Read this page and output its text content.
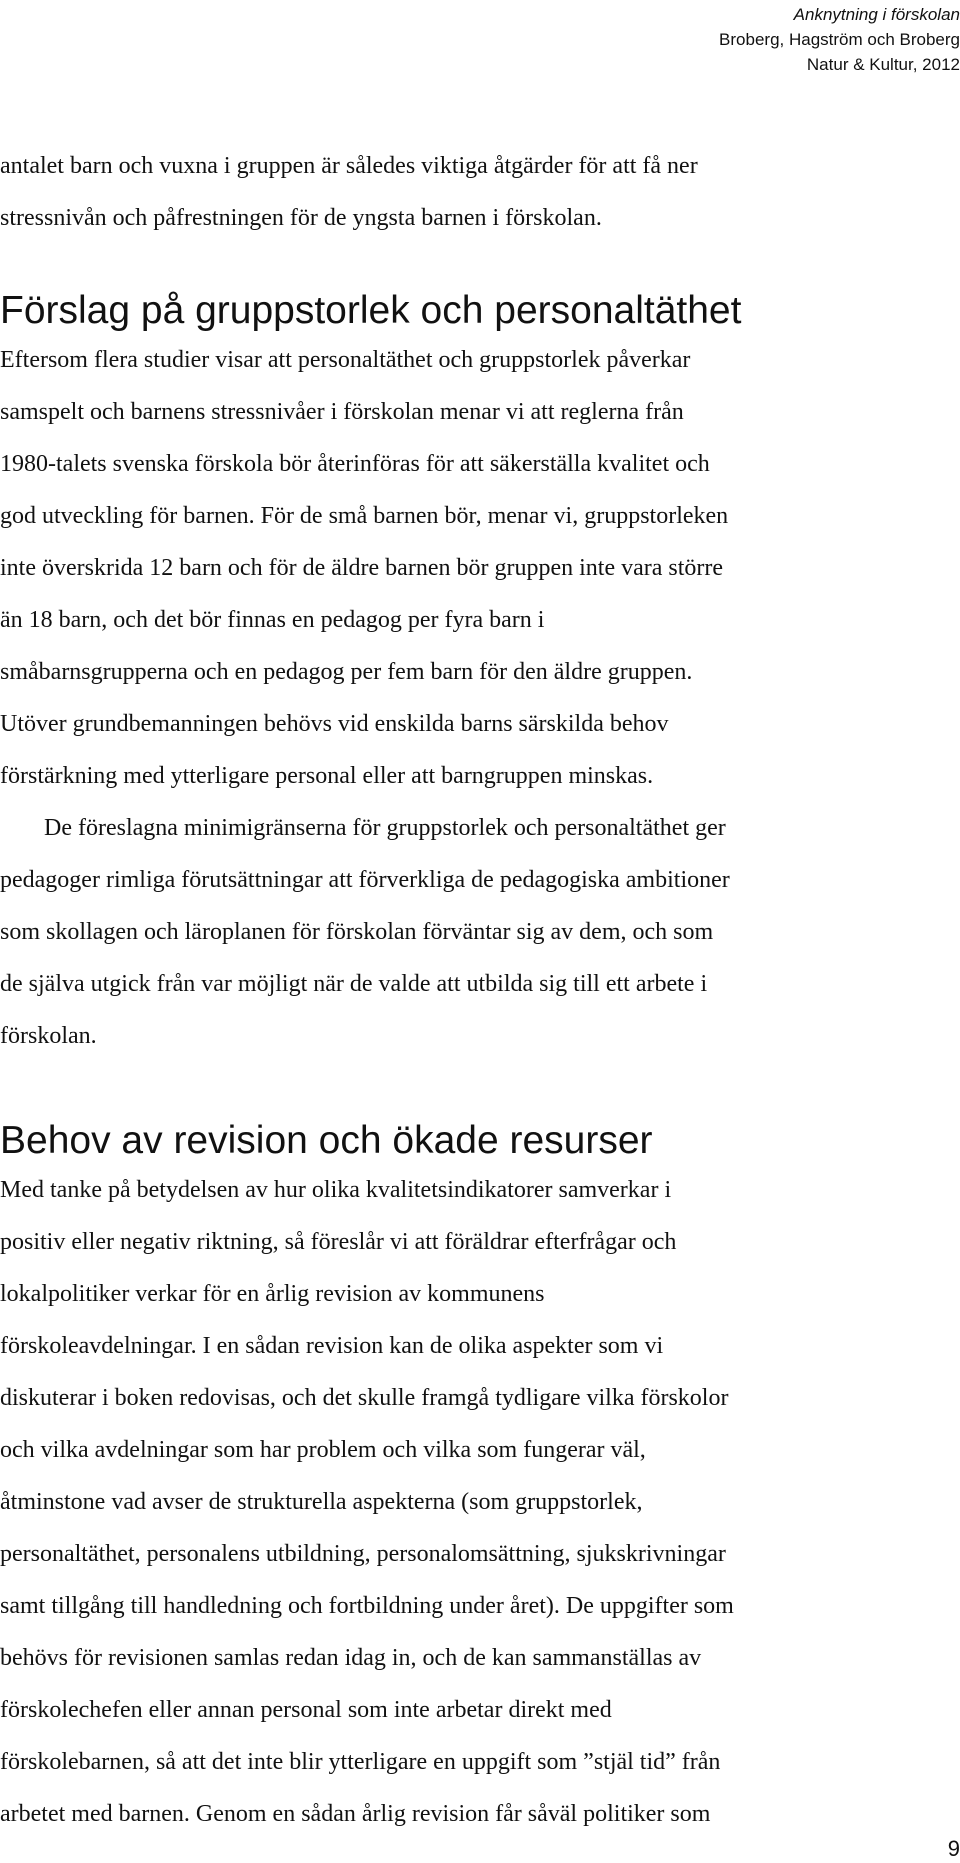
Anknytning i förskolan
Broberg, Hagström och Broberg
Natur & Kultur, 2012

antalet barn och vuxna i gruppen är således viktiga åtgärder för att få ner
stressnivån och påfrestningen för de yngsta barnen i förskolan.

Förslag på gruppstorlek och personaltäthet

Eftersom flera studier visar att personaltäthet och gruppstorlek påverkar
samspelt och barnens stressnivåer i förskolan menar vi att reglerna från
1980-talets svenska förskola bör återinföras för att säkerställa kvalitet och
god utveckling för barnen. För de små barnen bör, menar vi, gruppstorleken
inte överskrida 12 barn och för de äldre barnen bör gruppen inte vara större
än 18 barn, och det bör finnas en pedagog per fyra barn i
småbarnsgrupperna och en pedagog per fem barn för den äldre gruppen.
Utöver grundbemanningen behövs vid enskilda barns särskilda behov
förstärkning med ytterligare personal eller att barngruppen minskas.

De föreslagna minimigränserna för gruppstorlek och personaltäthet ger
pedagoger rimliga förutsättningar att förverkliga de pedagogiska ambitioner
som skollagen och läroplanen för förskolan förväntar sig av dem, och som
de själva utgick från var möjligt när de valde att utbilda sig till ett arbete i
förskolan.

Behov av revision och ökade resurser

Med tanke på betydelsen av hur olika kvalitetsindikatorer samverkar i
positiv eller negativ riktning, så föreslår vi att föräldrar efterfrågar och
lokalpolitiker verkar för en årlig revision av kommunens
förskoleavdelningar. I en sådan revision kan de olika aspekter som vi
diskuterar i boken redovisas, och det skulle framgå tydligare vilka förskolor
och vilka avdelningar som har problem och vilka som fungerar väl,
åtminstone vad avser de strukturella aspekterna (som gruppstorlek,
personaltäthet, personalens utbildning, personalomsättning, sjukskrivningar
samt tillgång till handledning och fortbildning under året). De uppgifter som
behövs för revisionen samlas redan idag in, och de kan sammanställas av
förskolechefen eller annan personal som inte arbetar direkt med
förskolebarnen, så att det inte blir ytterligare en uppgift som ”stjäl tid” från
arbetet med barnen. Genom en sådan årlig revision får såväl politiker som

9
